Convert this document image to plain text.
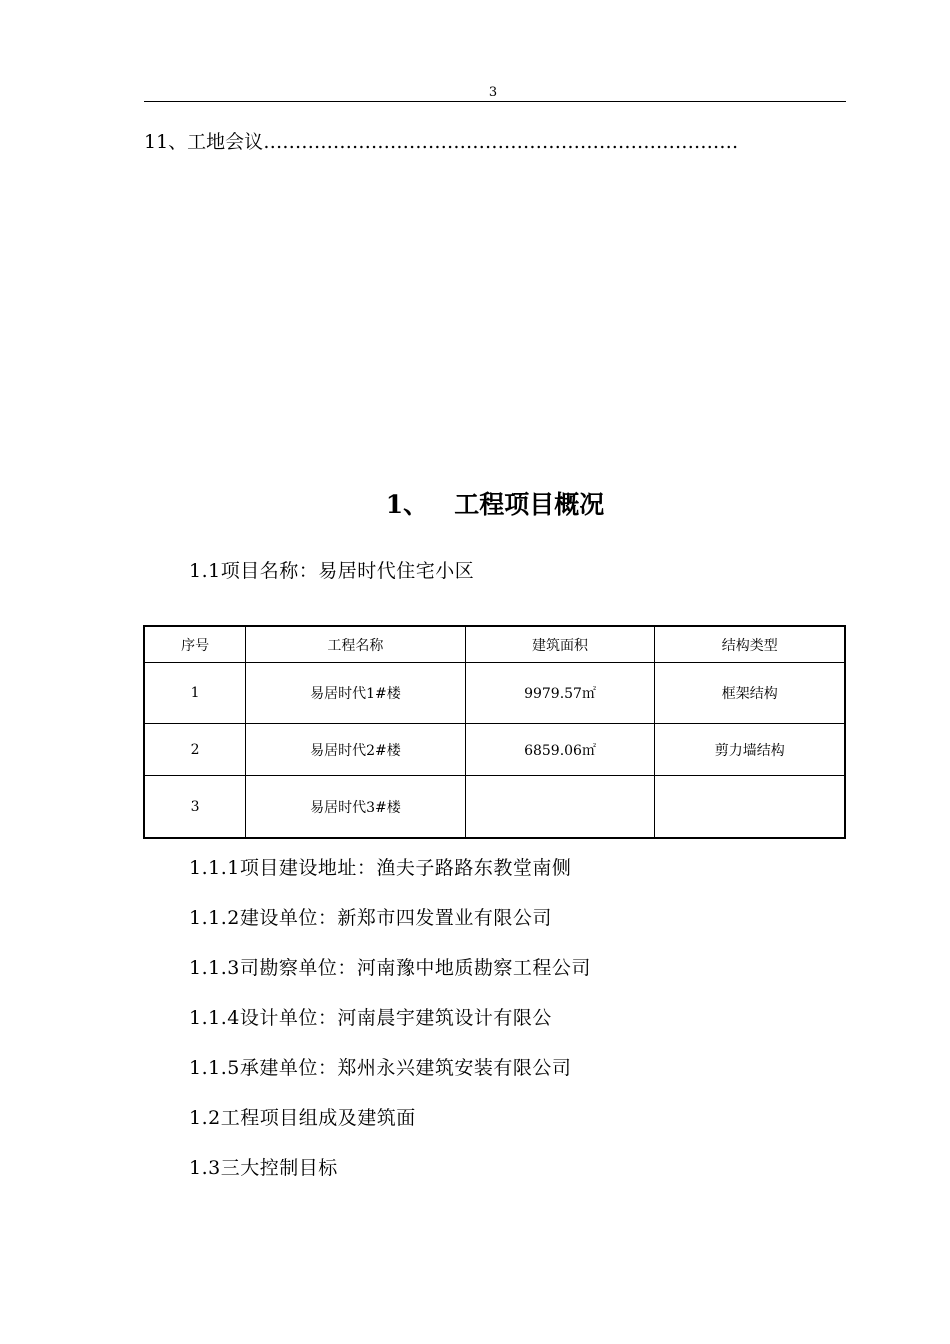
3
11、工地会议…………………………………………………………………
1、 工程项目概况
1.1项目名称：易居时代住宅小区
序号	工程名称	建筑面积	结构类型
1	易居时代1#楼	9979.57㎡	框架结构
2	易居时代2#楼	6859.06㎡	剪力墙结构
3	易居时代3#楼		
1.1.1项目建设地址：渔夫子路路东教堂南侧
1.1.2建设单位：新郑市四发置业有限公司
1.1.3司勘察单位：河南豫中地质勘察工程公司
1.1.4设计单位：河南晨宇建筑设计有限公
1.1.5承建单位：郑州永兴建筑安装有限公司
1.2工程项目组成及建筑面
1.3三大控制目标
